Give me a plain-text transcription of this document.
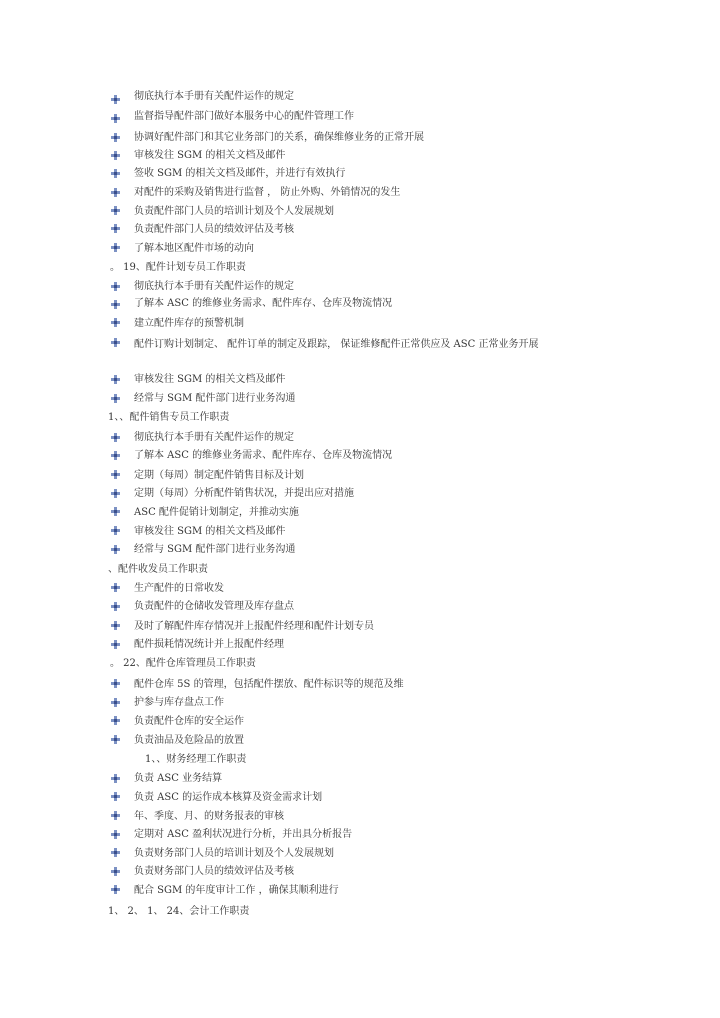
彻底执行本手册有关配件运作的规定
监督指导配件部门做好本服务中心的配件管理工作
协调好配件部门和其它业务部门的关系，确保维修业务的正常开展
审核发往 SGM 的相关文档及邮件
签收 SGM 的相关文档及邮件，并进行有效执行
对配件的采购及销售进行监督 ， 防止外购、外销情况的发生
负责配件部门人员的培训计划及个人发展规划
负责配件部门人员的绩效评估及考核
了解本地区配件市场的动向
。 19、配件计划专员工作职责
彻底执行本手册有关配件运作的规定
了解本 ASC 的维修业务需求、配件库存、仓库及物流情况
建立配件库存的预警机制
配件订购计划制定、 配件订单的制定及跟踪， 保证维修配件正常供应及 ASC 正常业务开展
审核发往 SGM 的相关文档及邮件
经常与 SGM 配件部门进行业务沟通
1、、配件销售专员工作职责
彻底执行本手册有关配件运作的规定
了解本 ASC 的维修业务需求、配件库存、仓库及物流情况
定期（每周）制定配件销售目标及计划
定期（每周）分析配件销售状况，并提出应对措施
ASC 配件促销计划制定，并推动实施
审核发往 SGM 的相关文档及邮件
经常与 SGM 配件部门进行业务沟通
、配件收发员工作职责
生产配件的日常收发
负责配件的仓储收发管理及库存盘点
及时了解配件库存情况并上报配件经理和配件计划专员
配件损耗情况统计并上报配件经理
。 22、配件仓库管理员工作职责
配件仓库 5S 的管理，包括配件摆放、配件标识等的规范及维
护参与库存盘点工作
负责配件仓库的安全运作
负责油品及危险品的放置
1、、财务经理工作职责
负责 ASC 业务结算
负责 ASC 的运作成本核算及资金需求计划
年、季度、月、的财务报表的审核
定期对 ASC 盈利状况进行分析，并出具分析报告
负责财务部门人员的培训计划及个人发展规划
负责财务部门人员的绩效评估及考核
配合 SGM 的年度审计工作 ，确保其顺利进行
1、 2、 1、 24、会计工作职责
